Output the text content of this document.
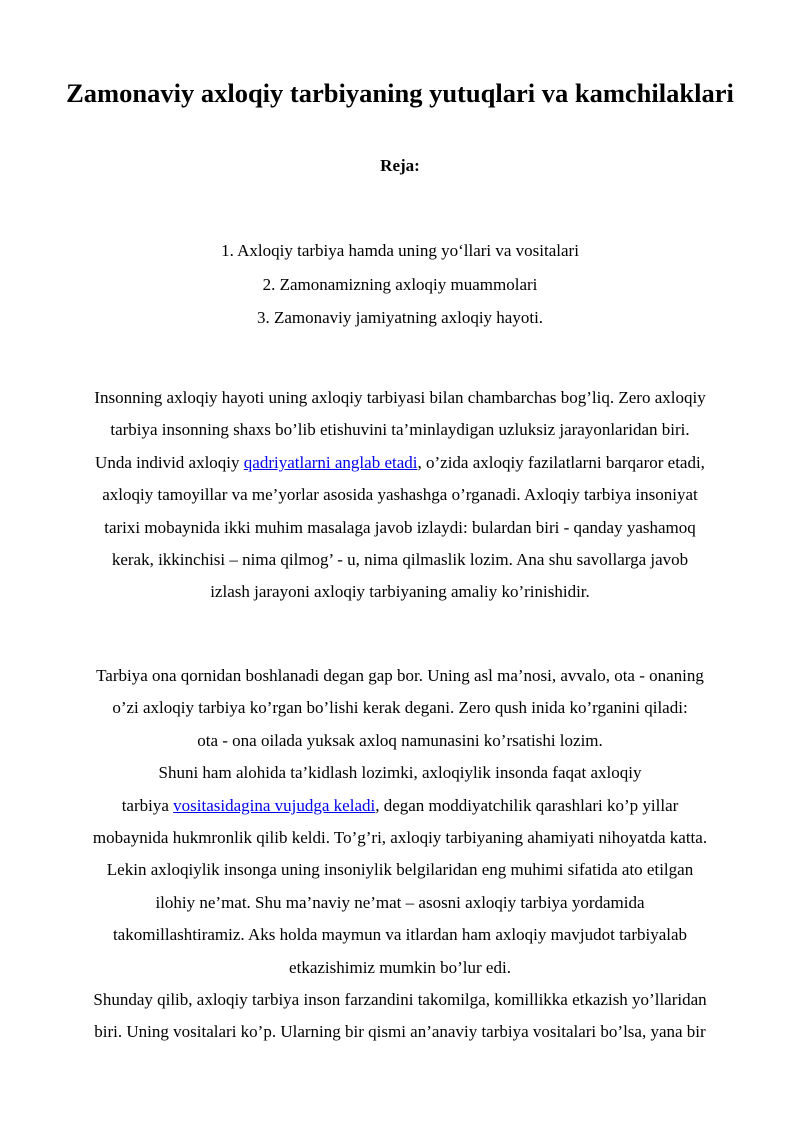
Zamonaviy axloqiy tarbiyaning yutuqlari va kamchilaklari

Reja:

1. Axloqiy tarbiya hamda uning yo‘llari va vositalari
2. Zamonamizning axloqiy muammolari
3. Zamonaviy jamiyatning axloqiy hayoti.

Insonning axloqiy hayoti uning axloqiy tarbiyasi bilan chambarchas bog’liq. Zero axloqiy
tarbiya insonning shaxs bo’lib etishuvini ta’minlaydigan uzluksiz jarayonlaridan biri.
Unda individ axloqiy qadriyatlarni anglab etadi, o’zida axloqiy fazilatlarni barqaror etadi,
axloqiy tamoyillar va me’yorlar asosida yashashga o’rganadi. Axloqiy tarbiya insoniyat
tarixi mobaynida ikki muhim masalaga javob izlaydi: bulardan biri - qanday yashamoq
kerak, ikkinchisi – nima qilmog’ - u, nima qilmaslik lozim. Ana shu savollarga javob
izlash jarayoni axloqiy tarbiyaning amaliy ko’rinishidir.

Tarbiya ona qornidan boshlanadi degan gap bor. Uning asl ma’nosi, avvalo, ota - onaning
o’zi axloqiy tarbiya ko’rgan bo’lishi kerak degani. Zero qush inida ko’rganini qiladi:
ota - ona oilada yuksak axloq namunasini ko’rsatishi lozim.
Shuni ham alohida ta’kidlash lozimki, axloqiylik insonda faqat axloqiy
tarbiya vositasidagina vujudga keladi, degan moddiyatchilik qarashlari ko’p yillar
mobaynida hukmronlik qilib keldi. To’g’ri, axloqiy tarbiyaning ahamiyati nihoyatda katta.
Lekin axloqiylik insonga uning insoniylik belgilaridan eng muhimi sifatida ato etilgan
ilohiy ne’mat. Shu ma’naviy ne’mat – asosni axloqiy tarbiya yordamida
takomillashtiramiz. Aks holda maymun va itlardan ham axloqiy mavjudot tarbiyalab
etkazishimiz mumkin bo’lur edi.
Shunday qilib, axloqiy tarbiya inson farzandini takomilga, komillikka etkazish yo’llaridan
biri. Uning vositalari ko’p. Ularning bir qismi an’anaviy tarbiya vositalari bo’lsa, yana bir
